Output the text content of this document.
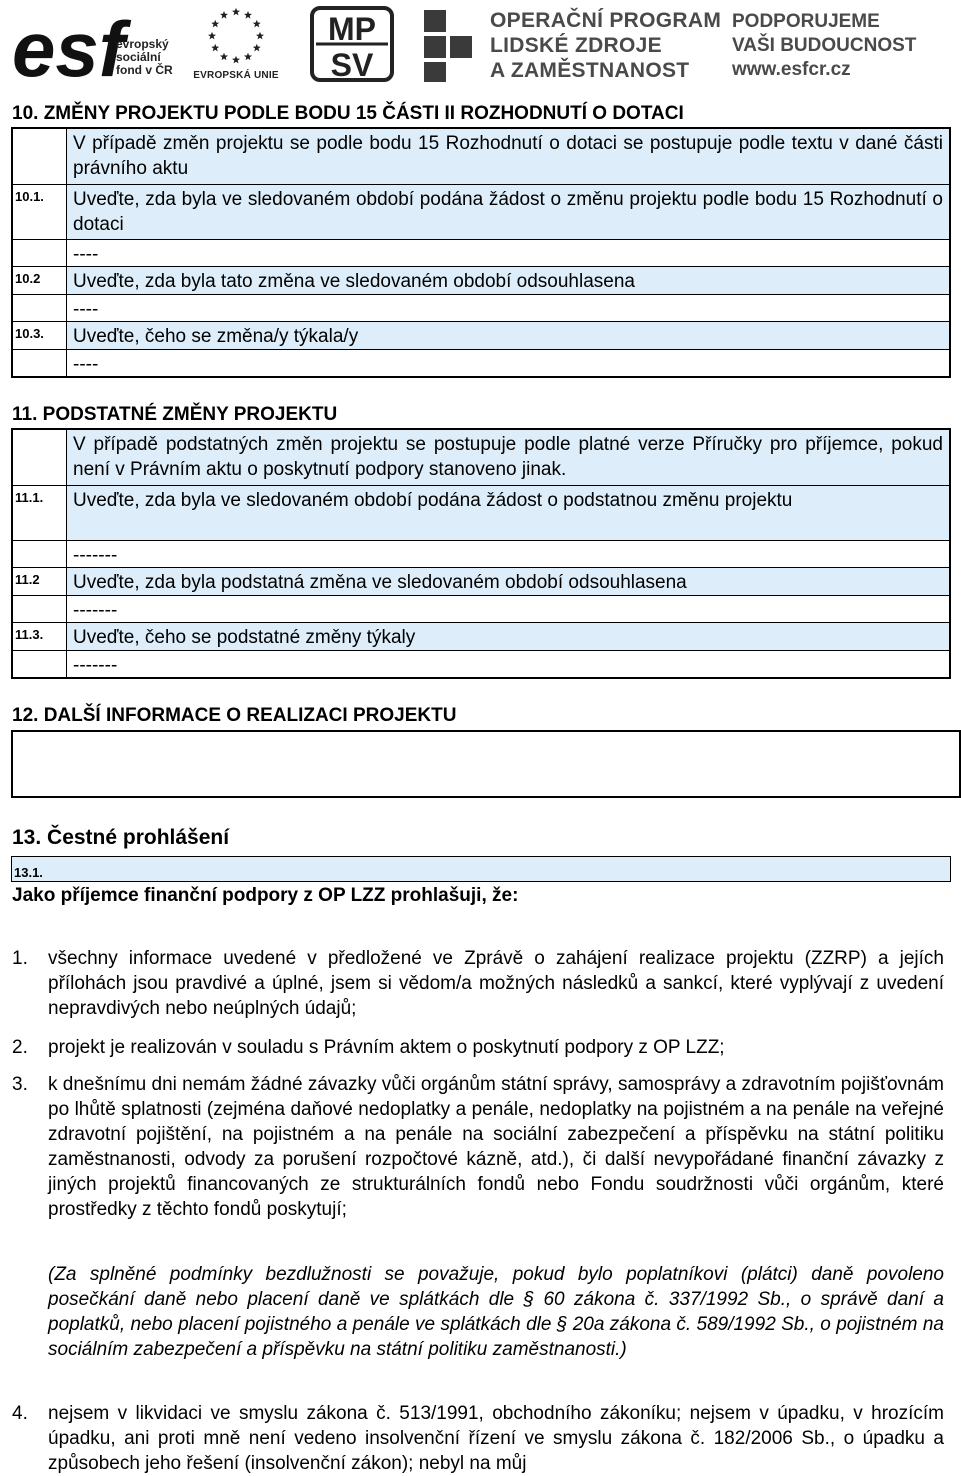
esf
evropský
sociální
fond v ČR	EVROPSKÁ UNIE
MP
SV
OPERAČNÍ PROGRAM
LIDSKÉ ZDROJE
A ZAMĚSTNANOST
PODPORUJEME
VAŠI BUDOUCNOST
www.esfcr.cz
10. ZMĚNY PROJEKTU PODLE BODU 15 ČÁSTI II ROZHODNUTÍ O DOTACI
V případě změn projektu se podle bodu 15 Rozhodnutí o dotaci se postupuje podle textu v dané části právního aktu
10.1.	Uveďte, zda byla ve sledovaném období podána žádost o změnu projektu podle bodu 15 Rozhodnutí o dotaci
----
10.2	Uveďte, zda byla tato změna ve sledovaném období odsouhlasena
----
10.3.	Uveďte, čeho se změna/y týkala/y
----
11. PODSTATNÉ ZMĚNY PROJEKTU
V případě podstatných změn projektu se postupuje podle platné verze Příručky pro příjemce, pokud není v Právním aktu o poskytnutí podpory stanoveno jinak.
11.1.	Uveďte, zda byla ve sledovaném období podána žádost o podstatnou změnu projektu
-------
11.2	Uveďte, zda byla podstatná změna ve sledovaném období odsouhlasena
-------
11.3.	Uveďte, čeho se podstatné změny týkaly
-------
12. DALŠÍ INFORMACE O REALIZACI PROJEKTU
13. Čestné prohlášení
13.1.
Jako příjemce finanční podpory z OP LZZ prohlašuji, že:
1.	všechny informace uvedené v předložené ve Zprávě o zahájení realizace projektu (ZZRP) a jejích přílohách jsou pravdivé a úplné, jsem si vědom/a možných následků a sankcí, které vyplývají z uvedení nepravdivých nebo neúplných údajů;
2.	projekt je realizován v souladu s Právním aktem o poskytnutí podpory z OP LZZ;
3.	k dnešnímu dni nemám žádné závazky vůči orgánům státní správy, samosprávy a zdravotním pojišťovnám po lhůtě splatnosti (zejména daňové nedoplatky a penále, nedoplatky na pojistném a na penále na veřejné zdravotní pojištění, na pojistném a na penále na sociální zabezpečení a příspěvku na státní politiku zaměstnanosti, odvody za porušení rozpočtové kázně, atd.), či další nevypořádané finanční závazky z jiných projektů financovaných ze strukturálních fondů nebo Fondu soudržnosti vůči orgánům, které prostředky z těchto fondů poskytují;
(Za splněné podmínky bezdlužnosti se považuje, pokud bylo poplatníkovi (plátci) daně povoleno posečkání daně nebo placení daně ve splátkách dle § 60 zákona č. 337/1992 Sb., o správě daní a poplatků, nebo placení pojistného a penále ve splátkách dle § 20a zákona č. 589/1992 Sb., o pojistném na sociálním zabezpečení a příspěvku na státní politiku zaměstnanosti.)
4.	nejsem v likvidaci ve smyslu zákona č. 513/1991, obchodního zákoníku; nejsem v úpadku, v hrozícím úpadku, ani proti mně není vedeno insolvenční řízení ve smyslu zákona č. 182/2006 Sb., o úpadku a způsobech jeho řešení (insolvenční zákon); nebyl na můj
